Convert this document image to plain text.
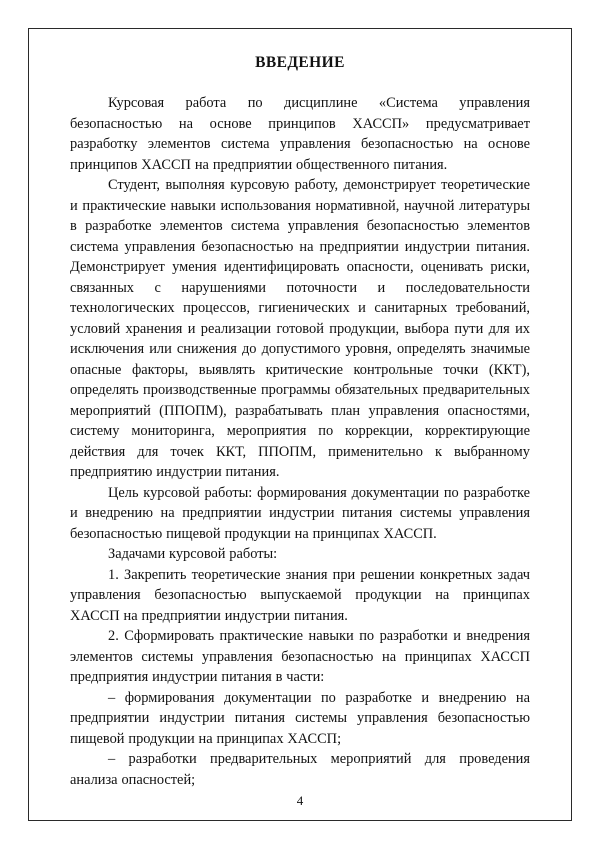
ВВЕДЕНИЕ

Курсовая работа по дисциплине «Система управления безопасностью на основе принципов ХАССП» предусматривает разработку элементов система управления безопасностью на основе принципов ХАССП на предприятии общественного питания.

Студент, выполняя курсовую работу, демонстрирует теоретические и практические навыки использования нормативной, научной литературы в разработке элементов система управления безопасностью элементов система управления безопасностью на предприятии индустрии питания. Демонстрирует умения идентифицировать опасности, оценивать риски, связанных с нарушениями поточности и последовательности технологических процессов, гигиенических и санитарных требований, условий хранения и реализации готовой продукции, выбора пути для их исключения или снижения до допустимого уровня, определять значимые опасные факторы, выявлять критические контрольные точки (ККТ), определять производственные программы обязательных предварительных мероприятий (ППОПМ), разрабатывать план управления опасностями, систему мониторинга, мероприятия по коррекции, корректирующие действия для точек ККТ, ППОПМ, применительно к выбранному предприятию индустрии питания.

Цель курсовой работы: формирования документации по разработке и внедрению на предприятии индустрии питания системы управления безопасностью пищевой продукции на принципах ХАССП.

Задачами курсовой работы:

1. Закрепить теоретические знания при решении конкретных задач управления безопасностью выпускаемой продукции на принципах ХАССП на предприятии индустрии питания.

2. Сформировать практические навыки по разработки и внедрения элементов системы управления безопасностью на принципах ХАССП предприятия индустрии питания в части:

– формирования документации по разработке и внедрению на предприятии индустрии питания системы управления безопасностью пищевой продукции на принципах ХАССП;

– разработки предварительных мероприятий для проведения анализа опасностей;

4
